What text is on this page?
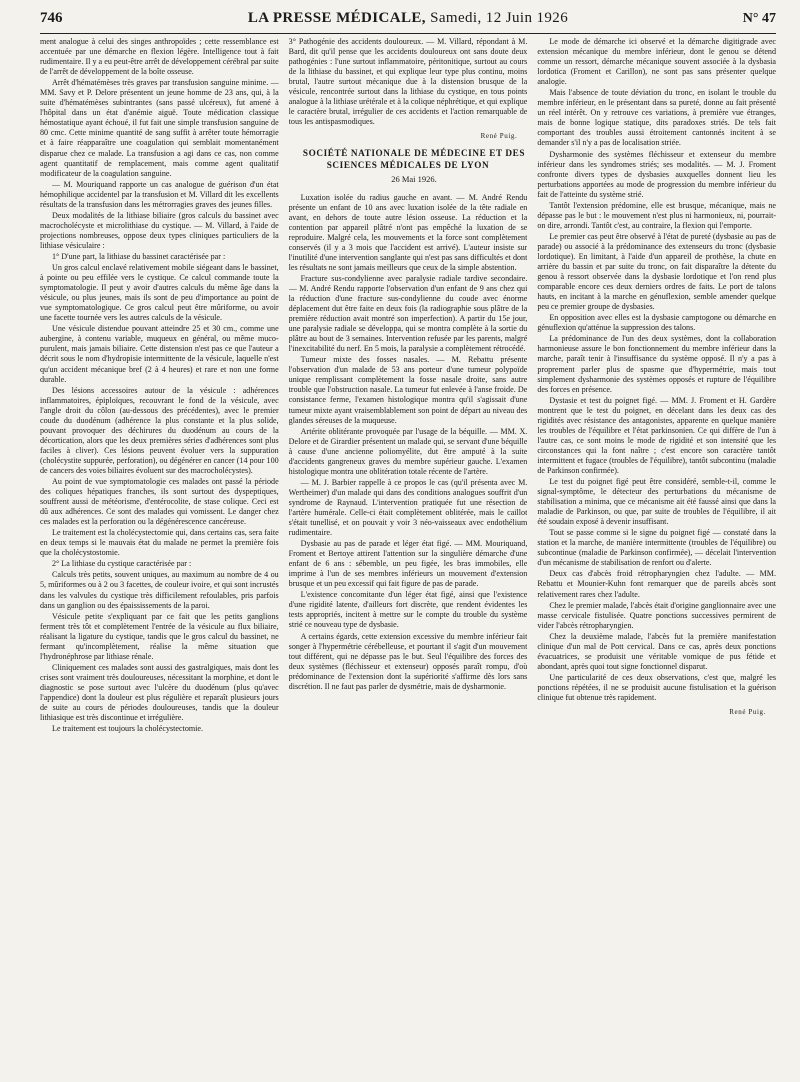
746	LA PRESSE MÉDICALE, Samedi, 12 Juin 1926	N° 47

ment analogue à celui des singes anthropoïdes ; cette ressemblance est accentuée par une démarche en flexion légère. Intelligence tout à fait rudimentaire. Il y a eu peut-être arrêt de développement cérébral par suite de l'arrêt de développement de la boîte osseuse.

Arrêt d'hématémèses très graves par transfusion sanguine minime. — MM. Savy et P. Delore présentent un jeune homme de 23 ans, qui, à la suite d'hématémèses subintrantes (sans passé ulcéreux), fut amené à l'hôpital dans un état d'anémie aiguë. Toute médication classique hémostatique ayant échoué, il fut fait une simple transfusion sanguine de 80 cmc. Cette minime quantité de sang suffit à arrêter toute hémorragie et à faire réapparaître une coagulation qui semblait momentanément disparue chez ce malade. La transfusion a agi dans ce cas, non comme agent quantitatif de remplacement, mais comme agent qualitatif modificateur de la coagulation sanguine.

— M. Mouriquand rapporte un cas analogue de guérison d'un état hémophilique accidentel par la transfusion et M. Villard dit les excellents résultats de la transfusion dans les métrorragies graves des jeunes filles.

Deux modalités de la lithiase biliaire (gros calculs du bassinet avec macrocholécyste et microlithiase du cystique. — M. Villard, à l'aide de projections nombreuses, oppose deux types cliniques particuliers de la lithiase vésiculaire :

1° D'une part, la lithiase du bassinet caractérisée par :

Un gros calcul enclavé relativement mobile siégeant dans le bassinet, à pointe ou peu effilée vers le cystique. Ce calcul commande toute la symptomatologie. Il peut y avoir d'autres calculs du même âge dans la vésicule, ou plus jeunes, mais ils sont de peu d'importance au point de vue symptomatologique. Ce gros calcul peut être mûriforme, ou avoir une facette tournée vers les autres calculs de la vésicule.

Une vésicule distendue pouvant atteindre 25 et 30 cm., comme une aubergine, à contenu variable, muqueux en général, ou même muco-purulent, mais jamais biliaire. Cette distension n'est pas ce que l'auteur a décrit sous le nom d'hydropisie intermittente de la vésicule, laquelle n'est qu'un accident mécanique bref (2 à 4 heures) et rare et non une forme durable.

Des lésions accessoires autour de la vésicule : adhérences inflammatoires, épiploïques, recouvrant le fond de la vésicule, avec l'angle droit du côlon (au-dessous des précédentes), avec le premier coude du duodénum (adhérence la plus constante et la plus solide, pouvant provoquer des déchirures du duodénum au cours de la décortication, alors que les deux premières séries d'adhérences sont plus faciles à cliver). Ces lésions peuvent évoluer vers la suppuration (cholécystite suppurée, perforation), ou dégénérer en cancer (14 pour 100 de cancers des voies biliaires évoluent sur des macrocholécystes).

Au point de vue symptomatologie ces malades ont passé la période des coliques hépatiques franches, ils sont surtout des dyspeptiques, souffrent aussi de météorisme, d'entérocolite, de stase colique. Ceci est dû aux adhérences. Ce sont des malades qui vomissent. Le danger chez ces malades est la perforation ou la dégénérescence cancéreuse.

Le traitement est la cholécystectomie qui, dans certains cas, sera faite en deux temps si le mauvais état du malade ne permet la première fois que la cholécystostomie.

2° La lithiase du cystique caractérisée par :

Calculs très petits, souvent uniques, au maximum au nombre de 4 ou 5, mûriformes ou à 2 ou 3 facettes, de couleur ivoire, et qui sont incrustés dans les valvules du cystique très difficilement refoulables, pris parfois dans un ganglion ou des épaississements de la paroi.

Vésicule petite s'expliquant par ce fait que les petits ganglions ferment très tôt et complètement l'entrée de la vésicule au flux biliaire, réalisant la ligature du cystique, tandis que le gros calcul du bassinet, ne fermant qu'incomplètement, réalise la même situation que l'hydronéphrose par lithiase rénale.

Cliniquement ces malades sont aussi des gastralgiques, mais dont les crises sont vraiment très douloureuses, nécessitant la morphine, et dont le diagnostic se pose surtout avec l'ulcère du duodénum (plus qu'avec l'appendice) dont la douleur est plus régulière et reparaît plusieurs jours de suite au cours de périodes douloureuses, tandis que la douleur lithiasique est très discontinue et irrégulière.

Le traitement est toujours la cholécystectomie.

3° Pathogénie des accidents douloureux. — M. Villard, répondant à M. Bard, dit qu'il pense que les accidents douloureux ont sans doute deux pathogénies : l'une surtout inflammatoire, péritonitique, surtout au cours de la lithiase du bassinet, et qui explique leur type plus continu, moins brutal, l'autre surtout mécanique due à la distension brusque de la vésicule, rencontrée surtout dans la lithiase du cystique, en tous points analogue à la lithiase urétérale et à la colique néphrétique, et qui explique le caractère brutal, irrégulier de ces accidents et l'action remarquable de tous les antispasmodiques.

René Puig.

SOCIÉTÉ NATIONALE DE MÉDECINE ET DES SCIENCES MÉDICALES DE LYON

26 Mai 1926.

Luxation isolée du radius gauche en avant. — M. André Rendu présente un enfant de 10 ans avec luxation isolée de la tête radiale en avant, en dehors de toute autre lésion osseuse. La réduction et la contention par appareil plâtré n'ont pas empêché la luxation de se reproduire. Malgré cela, les mouvements et la force sont complètement conservés (il y a 3 mois que l'accident est arrivé). L'auteur insiste sur l'inutilité d'une intervention sanglante qui n'est pas sans difficultés et dont les résultats ne sont jamais meilleurs que ceux de la simple abstention.

Fracture sus-condylienne avec paralysie radiale tardive secondaire. — M. André Rendu rapporte l'observation d'un enfant de 9 ans chez qui la réduction d'une fracture sus-condylienne du coude avec énorme déplacement dut être faite en deux fois (la radiographie sous plâtre de la première réduction avait montré son imperfection). A partir du 15e jour, une paralysie radiale se développa, qui se montra complète à la sortie du plâtre au bout de 3 semaines. Intervention refusée par les parents, malgré l'inexcitabilité du nerf. En 5 mois, la paralysie a complètement rétrocédé.

Tumeur mixte des fosses nasales. — M. Rebattu présente l'observation d'un malade de 53 ans porteur d'une tumeur polypoïde unique remplissant complètement la fosse nasale droite, sans autre trouble que l'obstruction nasale. La tumeur fut enlevée à l'anse froide. De consistance ferme, l'examen histologique montra qu'il s'agissait d'une tumeur mixte ayant vraisemblablement son point de départ au niveau des glandes séreuses de la muqueuse.

Artérite oblitérante provoquée par l'usage de la béquille. — MM. X. Delore et de Girardier présentent un malade qui, se servant d'une béquille à cause d'une ancienne poliomyélite, dut être amputé à la suite d'accidents gangreneux graves du membre supérieur gauche. L'examen histologique montra une oblitération totale récente de l'artère.

— M. J. Barbier rappelle à ce propos le cas (qu'il présenta avec M. Wertheimer) d'un malade qui dans des conditions analogues souffrit d'un syndrome de Raynaud. L'intervention pratiquée fut une résection de l'artère humérale. Celle-ci était complètement oblitérée, mais le caillot s'était tunellisé, et on pouvait y voir 3 néo-vaisseaux avec endothélium rudimentaire.

Dysbasie au pas de parade et léger état figé. — MM. Mouriquand, Froment et Bertoye attirent l'attention sur la singulière démarche d'une enfant de 6 ans : sébemble, un peu figée, les bras immobiles, elle imprime à l'un de ses membres inférieurs un mouvement d'extension brusque et un peu excessif qui fait figure de pas de parade.

L'existence concomitante d'un léger état figé, ainsi que l'existence d'une rigidité latente, d'ailleurs fort discrète, que rendent évidentes les tests appropriés, incitent à mettre sur le compte du trouble du système strié ce nouveau type de dysbasie.

A certains égards, cette extension excessive du membre inférieur fait songer à l'hypermétrie cérébelleuse, et pourtant il s'agit d'un mouvement tout différent, qui ne dépasse pas le but. Seul l'équilibre des forces des deux systèmes (fléchisseur et extenseur) opposés paraît rompu, d'où prédominance de l'extension dont la supériorité s'affirme dès lors sans discrétion. Il ne faut pas parler de dysmétrie, mais de dysharmonie.

Le mode de démarche ici observé et la démarche digitigrade avec extension mécanique du membre inférieur, dont le genou se détend comme un ressort, démarche mécanique souvent associée à la dysbasia lordotica (Froment et Carillon), ne sont pas sans présenter quelque analogie.

Mais l'absence de toute déviation du tronc, en isolant le trouble du membre inférieur, en le présentant dans sa pureté, donne au fait présenté un réel intérêt. On y retrouve ces variations, à première vue étranges, mais de bonne logique statique, dits paradoxes striés. De tels fait comportant des troubles aussi étroitement cantonnés incitent à se demander s'il n'y a pas de localisation striée.

Dysharmonie des systèmes fléchisseur et extenseur du membre inférieur dans les syndromes striés; ses modalités. — M. J. Froment confronte divers types de dysbasies auxquelles donnent lieu les perturbations apportées au mode de progression du membre inférieur du fait de l'atteinte du système strié.

Tantôt l'extension prédomine, elle est brusque, mécanique, mais ne dépasse pas le but : le mouvement n'est plus ni harmonieux, ni, pourrait-on dire, arrondi. Tantôt c'est, au contraire, la flexion qui l'emporte.

Le premier cas peut être observé à l'état de pureté (dysbasie au pas de parade) ou associé à la prédominance des extenseurs du tronc (dysbasie lordotique). En limitant, à l'aide d'un appareil de prothèse, la chute en arrière du bassin et par suite du tronc, on fait disparaître la détente du genou à ressort observée dans la dysbasie lordotique et l'on rend plus comparable encore ces deux derniers ordres de faits. Le port de talons hauts, en incitant à la marche en génuflexion, semble amender quelque peu ce premier groupe de dysbasies.

En opposition avec elles est la dysbasie camptogone ou démarche en génuflexion qu'atténue la suppression des talons.

La prédominance de l'un des deux systèmes, dont la collaboration harmonieuse assure le bon fonctionnement du membre inférieur dans la marche, paraît tenir à l'insuffisance du système opposé. Il n'y a pas à proprement parler plus de spasme que d'hypermétrie, mais tout simplement dysharmonie des systèmes opposés et rupture de l'équilibre des forces en présence.

Dystasie et test du poignet figé. — MM. J. Froment et H. Gardère montrent que le test du poignet, en décelant dans les deux cas des rigidités avec résistance des antagonistes, apparente en quelque manière les troubles de l'équilibre et l'état parkinsonien. Ce qui diffère de l'un à l'autre cas, ce sont moins le mode de rigidité et son intensité que les circonstances qui la font naître ; c'est encore son caractère tantôt intermittent et fugace (troubles de l'équilibre), tantôt subcontinu (maladie de Parkinson confirmée).

Le test du poignet figé peut être considéré, semble-t-il, comme le signal-symptôme, le détecteur des perturbations du mécanisme de stabilisation a minima, que ce mécanisme ait été faussé ainsi que dans la maladie de Parkinson, ou que, par suite de troubles de l'équilibre, il ait été soudain exposé à devenir insuffisant.

Tout se passe comme si le signe du poignet figé — constaté dans la station et la marche, de manière intermittente (troubles de l'équilibre) ou subcontinue (maladie de Parkinson confirmée), — décelait l'intervention d'un mécanisme de stabilisation de renfort ou d'alerte.

Deux cas d'abcès froid rétropharyngien chez l'adulte. — MM. Rebattu et Mounier-Kuhn font remarquer que de pareils abcès sont relativement rares chez l'adulte.

Chez le premier malade, l'abcès était d'origine ganglionnaire avec une masse cervicale fistulisée. Quatre ponctions successives permirent de vider l'abcès rétropharyngien.

Chez la deuxième malade, l'abcès fut la première manifestation clinique d'un mal de Pott cervical. Dans ce cas, après deux ponctions évacuatrices, se produisit une véritable vomique de pus fétide et abondant, après quoi tout signe fonctionnel disparut.

Une particularité de ces deux observations, c'est que, malgré les ponctions répétées, il ne se produisit aucune fistulisation et la guérison clinique fut obtenue très rapidement.

René Puig.
